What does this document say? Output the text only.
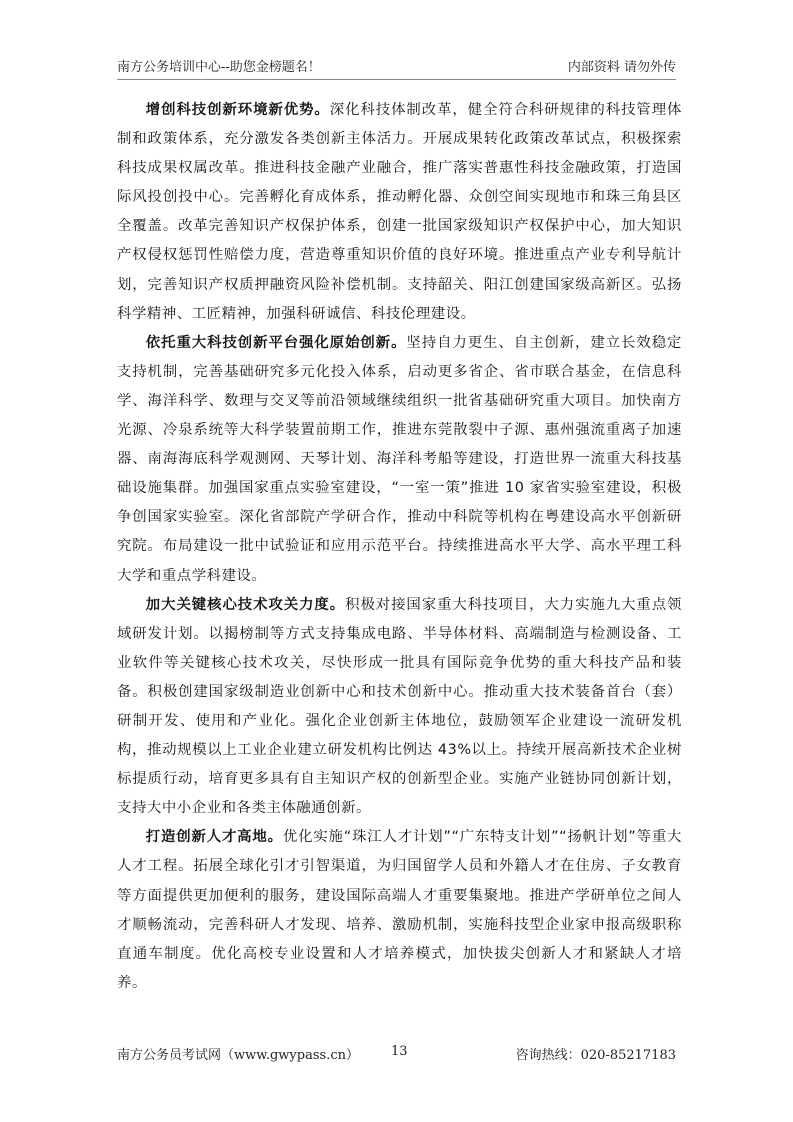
南方公务培训中心--助您金榜题名！	内部资料 请勿外传

增创科技创新环境新优势。深化科技体制改革，健全符合科研规律的科技管理体制和政策体系，充分激发各类创新主体活力。开展成果转化政策改革试点，积极探索科技成果权属改革。推进科技金融产业融合，推广落实普惠性科技金融政策，打造国际风投创投中心。完善孵化育成体系，推动孵化器、众创空间实现地市和珠三角县区全覆盖。改革完善知识产权保护体系，创建一批国家级知识产权保护中心，加大知识产权侵权惩罚性赔偿力度，营造尊重知识价值的良好环境。推进重点产业专利导航计划，完善知识产权质押融资风险补偿机制。支持韶关、阳江创建国家级高新区。弘扬科学精神、工匠精神，加强科研诚信、科技伦理建设。

依托重大科技创新平台强化原始创新。坚持自力更生、自主创新，建立长效稳定支持机制，完善基础研究多元化投入体系，启动更多省企、省市联合基金，在信息科学、海洋科学、数理与交叉等前沿领域继续组织一批省基础研究重大项目。加快南方光源、冷泉系统等大科学装置前期工作，推进东莞散裂中子源、惠州强流重离子加速器、南海海底科学观测网、天琴计划、海洋科考船等建设，打造世界一流重大科技基础设施集群。加强国家重点实验室建设，“一室一策”推进 10 家省实验室建设，积极争创国家实验室。深化省部院产学研合作，推动中科院等机构在粤建设高水平创新研究院。布局建设一批中试验证和应用示范平台。持续推进高水平大学、高水平理工科大学和重点学科建设。

加大关键核心技术攻关力度。积极对接国家重大科技项目，大力实施九大重点领域研发计划。以揭榜制等方式支持集成电路、半导体材料、高端制造与检测设备、工业软件等关键核心技术攻关，尽快形成一批具有国际竞争优势的重大科技产品和装备。积极创建国家级制造业创新中心和技术创新中心。推动重大技术装备首台（套）研制开发、使用和产业化。强化企业创新主体地位，鼓励领军企业建设一流研发机构，推动规模以上工业企业建立研发机构比例达 43%以上。持续开展高新技术企业树标提质行动，培育更多具有自主知识产权的创新型企业。实施产业链协同创新计划，支持大中小企业和各类主体融通创新。

打造创新人才高地。优化实施“珠江人才计划”“广东特支计划”“扬帆计划”等重大人才工程。拓展全球化引才引智渠道，为归国留学人员和外籍人才在住房、子女教育等方面提供更加便利的服务，建设国际高端人才重要集聚地。推进产学研单位之间人才顺畅流动，完善科研人才发现、培养、激励机制，实施科技型企业家申报高级职称直通车制度。优化高校专业设置和人才培养模式，加快拔尖创新人才和紧缺人才培养。

南方公务员考试网（www.gwypass.cn） 13	咨询热线：020-85217183
